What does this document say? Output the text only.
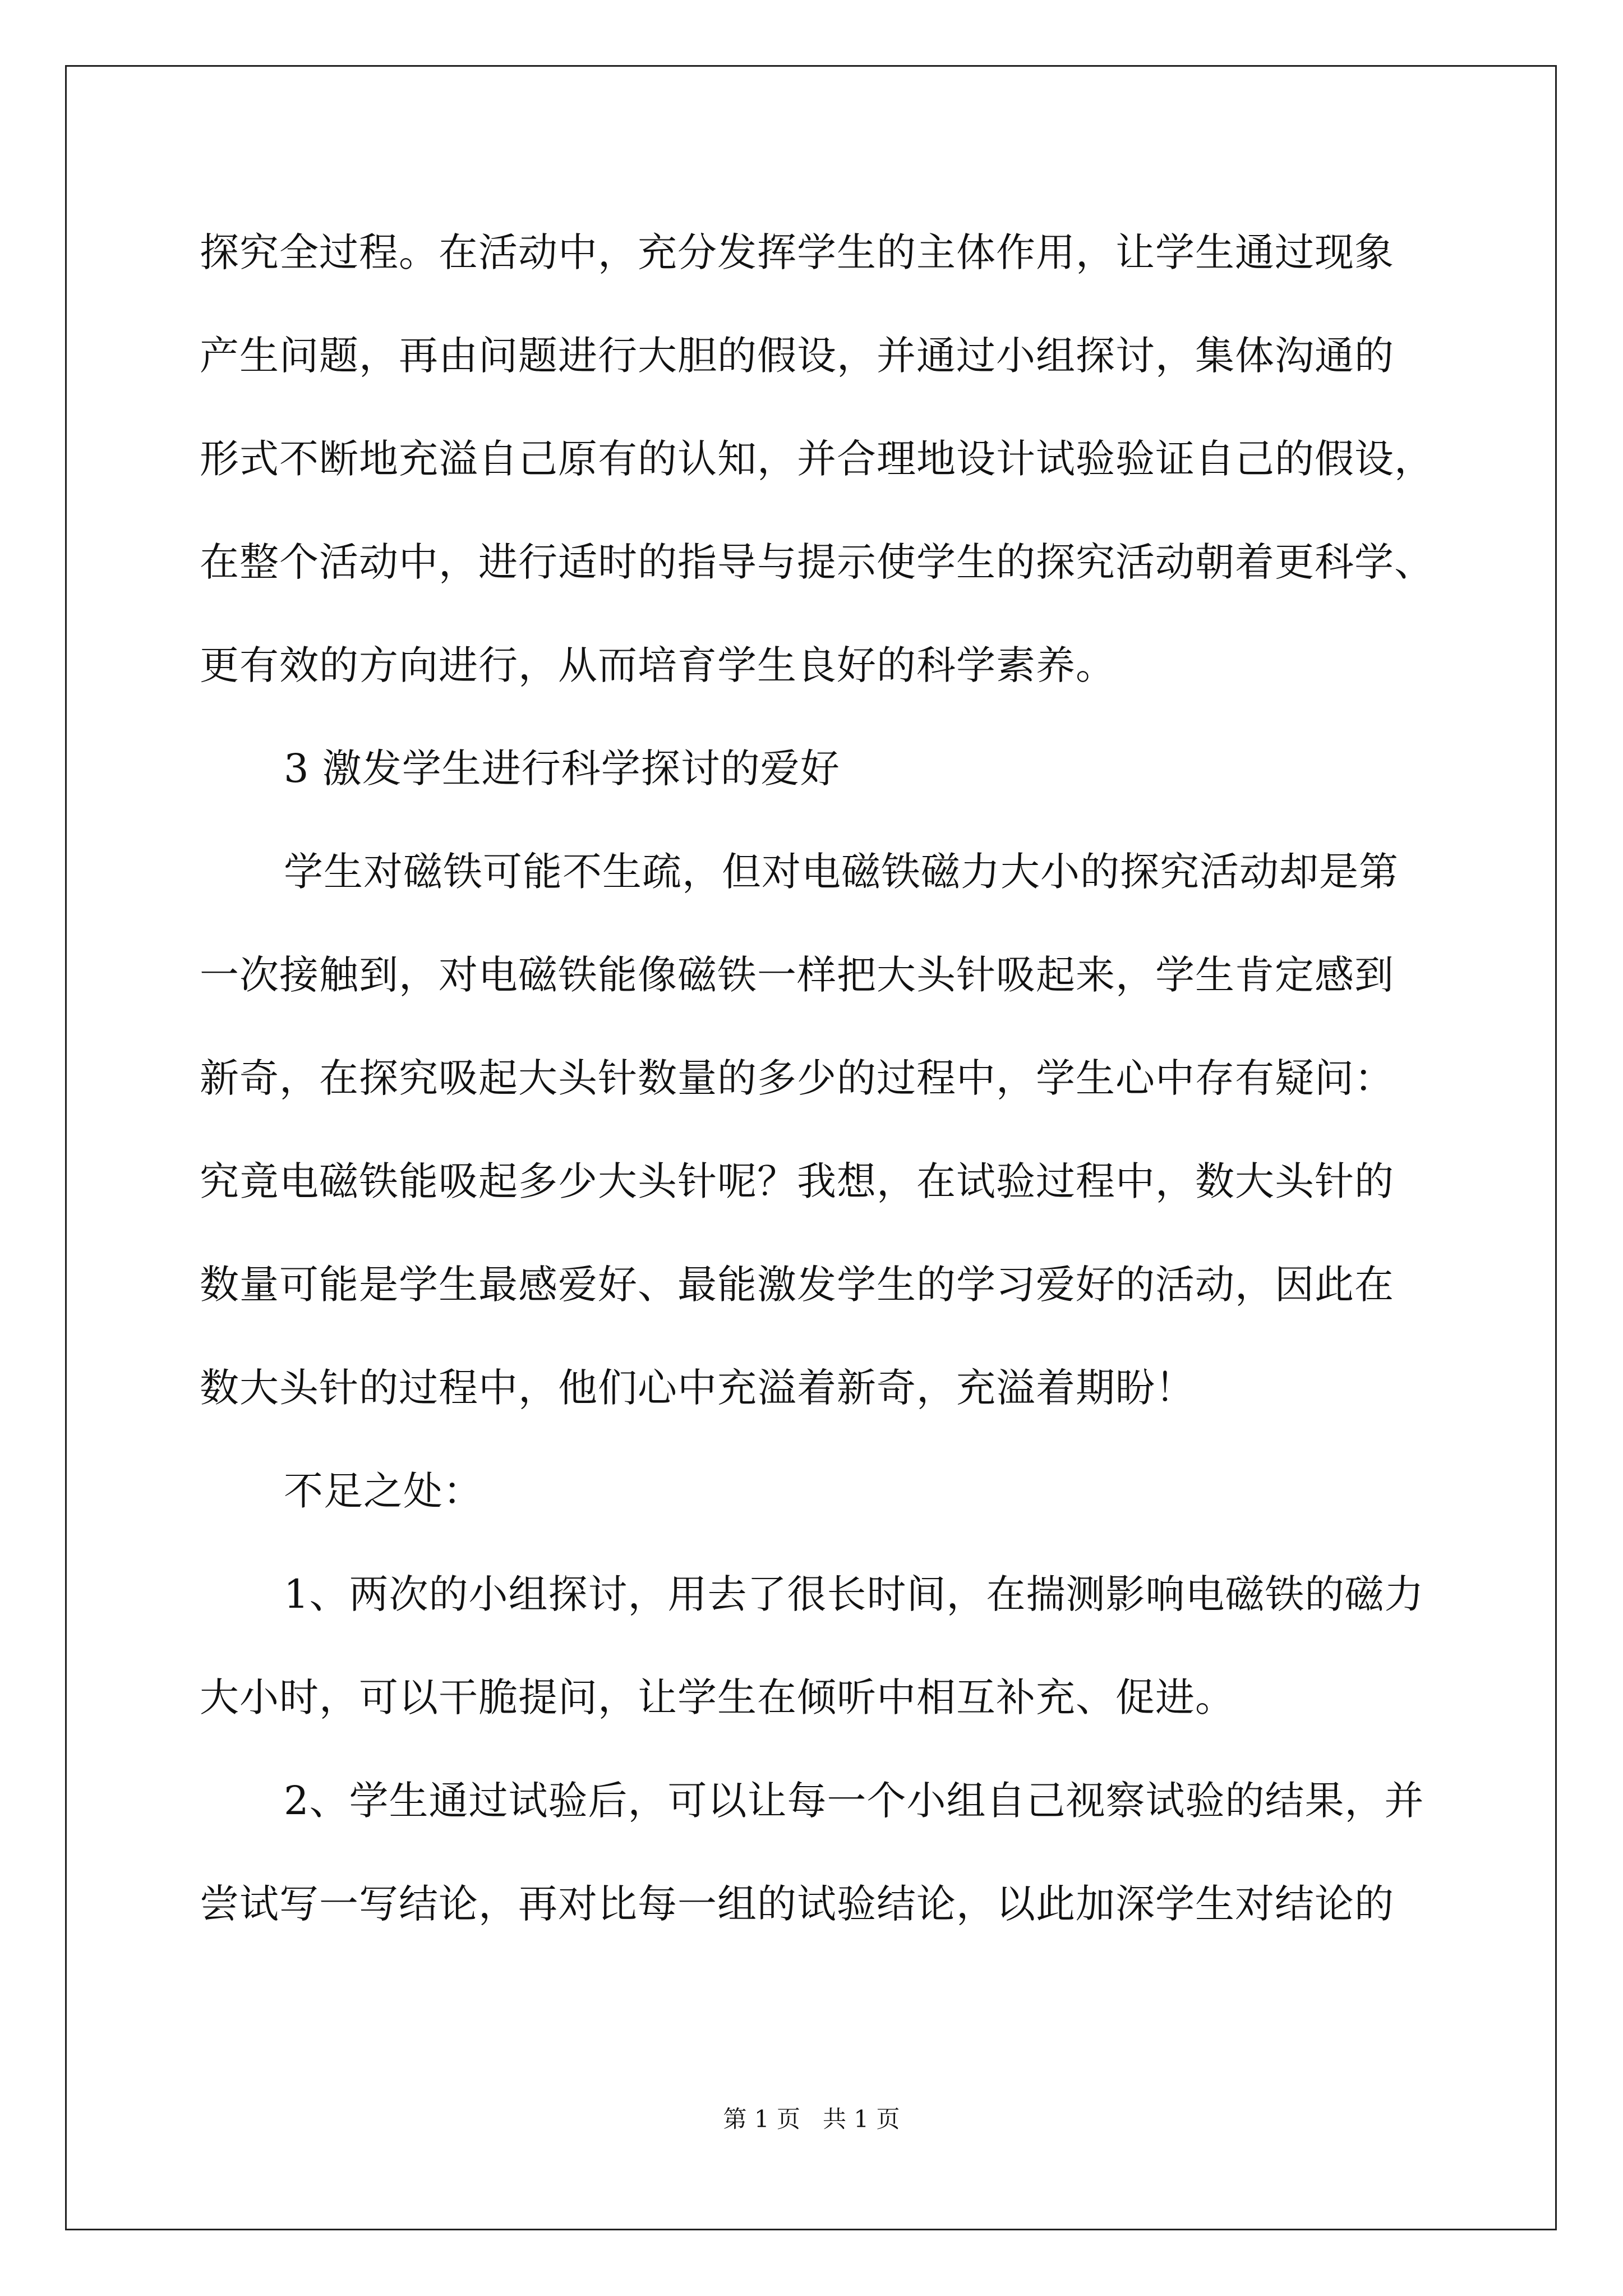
探究全过程。在活动中，充分发挥学生的主体作用，让学生通过现象
产生问题，再由问题进行大胆的假设，并通过小组探讨，集体沟通的
形式不断地充溢自己原有的认知，并合理地设计试验验证自己的假设，
在整个活动中，进行适时的指导与提示使学生的探究活动朝着更科学、
更有效的方向进行，从而培育学生良好的科学素养。
3 激发学生进行科学探讨的爱好
学生对磁铁可能不生疏，但对电磁铁磁力大小的探究活动却是第
一次接触到，对电磁铁能像磁铁一样把大头针吸起来，学生肯定感到
新奇，在探究吸起大头针数量的多少的过程中，学生心中存有疑问：
究竟电磁铁能吸起多少大头针呢？我想，在试验过程中，数大头针的
数量可能是学生最感爱好、最能激发学生的学习爱好的活动，因此在
数大头针的过程中，他们心中充溢着新奇，充溢着期盼！
不足之处：
1、两次的小组探讨，用去了很长时间，在揣测影响电磁铁的磁力
大小时，可以干脆提问，让学生在倾听中相互补充、促进。
2、学生通过试验后，可以让每一个小组自己视察试验的结果，并
尝试写一写结论，再对比每一组的试验结论，以此加深学生对结论的
第 1 页   共 1 页
